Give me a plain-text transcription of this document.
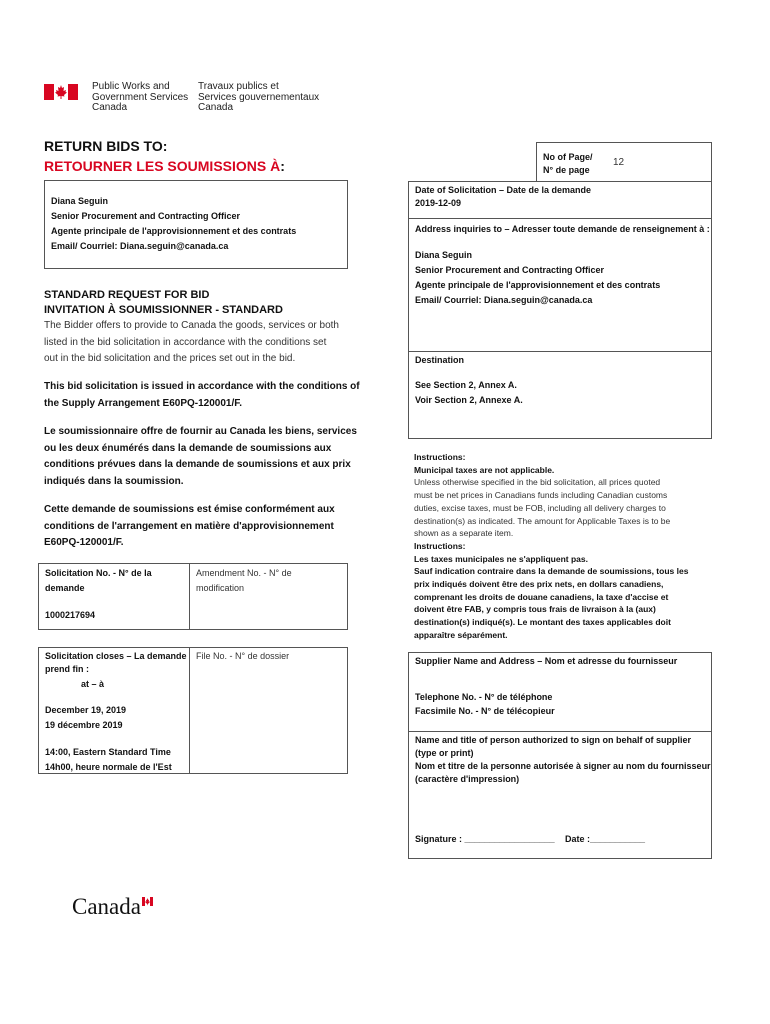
Public Works and
Government Services
Canada
Travaux publics et
Services gouvernementaux
Canada
RETURN BIDS TO:
RETOURNER LES SOUMISSIONS À:
Diana Seguin
Senior Procurement and Contracting Officer
Agente principale de l'approvisionnement et des contrats
Email/ Courriel: Diana.seguin@canada.ca
STANDARD REQUEST FOR BID
INVITATION À SOUMISSIONNER - STANDARD
The Bidder offers to provide to Canada the goods, services or both
listed in the bid solicitation in accordance with the conditions set
out in the bid solicitation and the prices set out in the bid.
This bid solicitation is issued in accordance with the conditions of
the Supply Arrangement E60PQ-120001/F.
Le soumissionnaire offre de fournir au Canada les biens, services
ou les deux énumérés dans la demande de soumissions aux
conditions prévues dans la demande de soumissions et aux prix
indiqués dans la soumission.
Cette demande de soumissions est émise conformément aux
conditions de l'arrangement en matière d'approvisionnement
E60PQ-120001/F.
Solicitation No. - N° de la
demande
1000217694
Amendment No. - N° de
modification
Solicitation closes – La demande
prend fin :
at – à
December 19, 2019
19 décembre 2019
14:00, Eastern Standard Time
14h00, heure normale de l'Est
File No. - N° de dossier
No of Page/
N° de page
12
Date of Solicitation – Date de la demande
2019-12-09
Address inquiries to – Adresser toute demande de renseignement à :
Diana Seguin
Senior Procurement and Contracting Officer
Agente principale de l'approvisionnement et des contrats
Email/ Courriel: Diana.seguin@canada.ca
Destination
See Section 2, Annex A.
Voir Section 2, Annexe A.
Instructions:
Municipal taxes are not applicable.
Unless otherwise specified in the bid solicitation, all prices quoted
must be net prices in Canadians funds including Canadian customs
duties, excise taxes, must be FOB, including all delivery charges to
destination(s) as indicated. The amount for Applicable Taxes is to be
shown as a separate item.
Instructions:
Les taxes municipales ne s'appliquent pas.
Sauf indication contraire dans la demande de soumissions, tous les
prix indiqués doivent être des prix nets, en dollars canadiens,
comprenant les droits de douane canadiens, la taxe d'accise et
doivent être FAB, y compris tous frais de livraison à la (aux)
destination(s) indiqué(s). Le montant des taxes applicables doit
apparaître séparément.
Supplier Name and Address – Nom et adresse du fournisseur
Telephone No. - N° de téléphone
Facsimile No. - N° de télécopieur
Name and title of person authorized to sign on behalf of supplier
(type or print)
Nom et titre de la personne autorisée à signer au nom du fournisseur
(caractère d'impression)
Signature : __________________ Date :___________
Canada
